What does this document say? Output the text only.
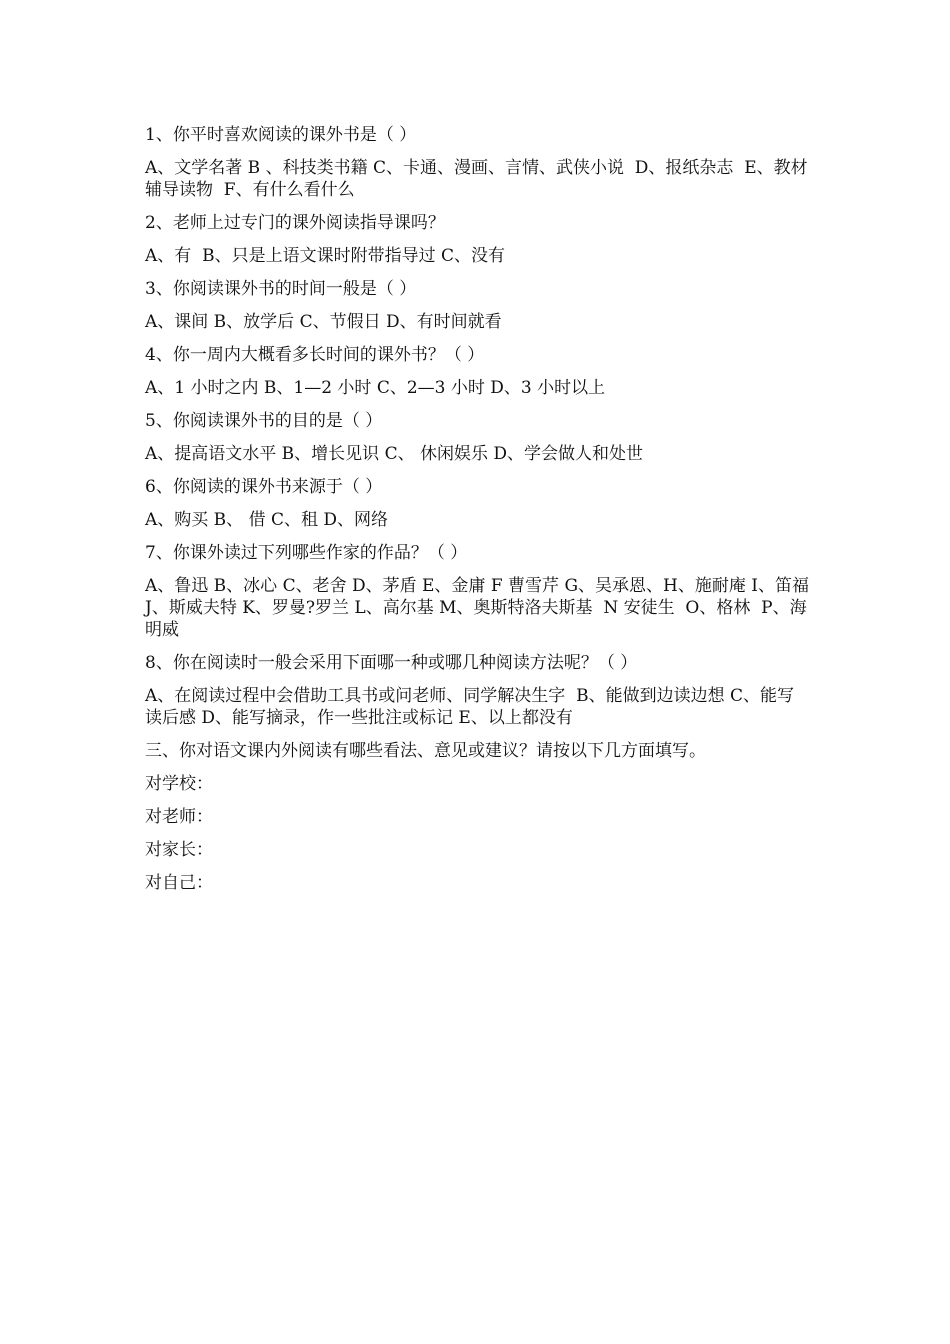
1、你平时喜欢阅读的课外书是（ ）

A、文学名著 B 、科技类书籍 C、卡通、漫画、言情、武侠小说  D、报纸杂志  E、教材辅导读物  F、有什么看什么

2、老师上过专门的课外阅读指导课吗？

A、有  B、只是上语文课时附带指导过 C、没有

3、你阅读课外书的时间一般是（ ）

A、课间 B、放学后 C、节假日 D、有时间就看

4、你一周内大概看多长时间的课外书？（ ）

A、1 小时之内 B、1—2 小时 C、2—3 小时 D、3 小时以上

5、你阅读课外书的目的是（ ）

A、提高语文水平 B、增长见识 C、 休闲娱乐 D、学会做人和处世

6、你阅读的课外书来源于（ ）

A、购买 B、 借 C、租 D、网络

7、你课外读过下列哪些作家的作品？（ ）

A、鲁迅 B、冰心 C、老舍 D、茅盾 E、金庸 F 曹雪芹 G、吴承恩、H、施耐庵 I、笛福 J、斯威夫特 K、罗曼?罗兰 L、高尔基 M、奥斯特洛夫斯基  N 安徒生  O、格林  P、海明威

8、你在阅读时一般会采用下面哪一种或哪几种阅读方法呢？（ ）

A、在阅读过程中会借助工具书或问老师、同学解决生字  B、能做到边读边想 C、能写读后感 D、能写摘录，作一些批注或标记 E、以上都没有

三、你对语文课内外阅读有哪些看法、意见或建议？请按以下几方面填写。

对学校：

对老师：

对家长：

对自己：
